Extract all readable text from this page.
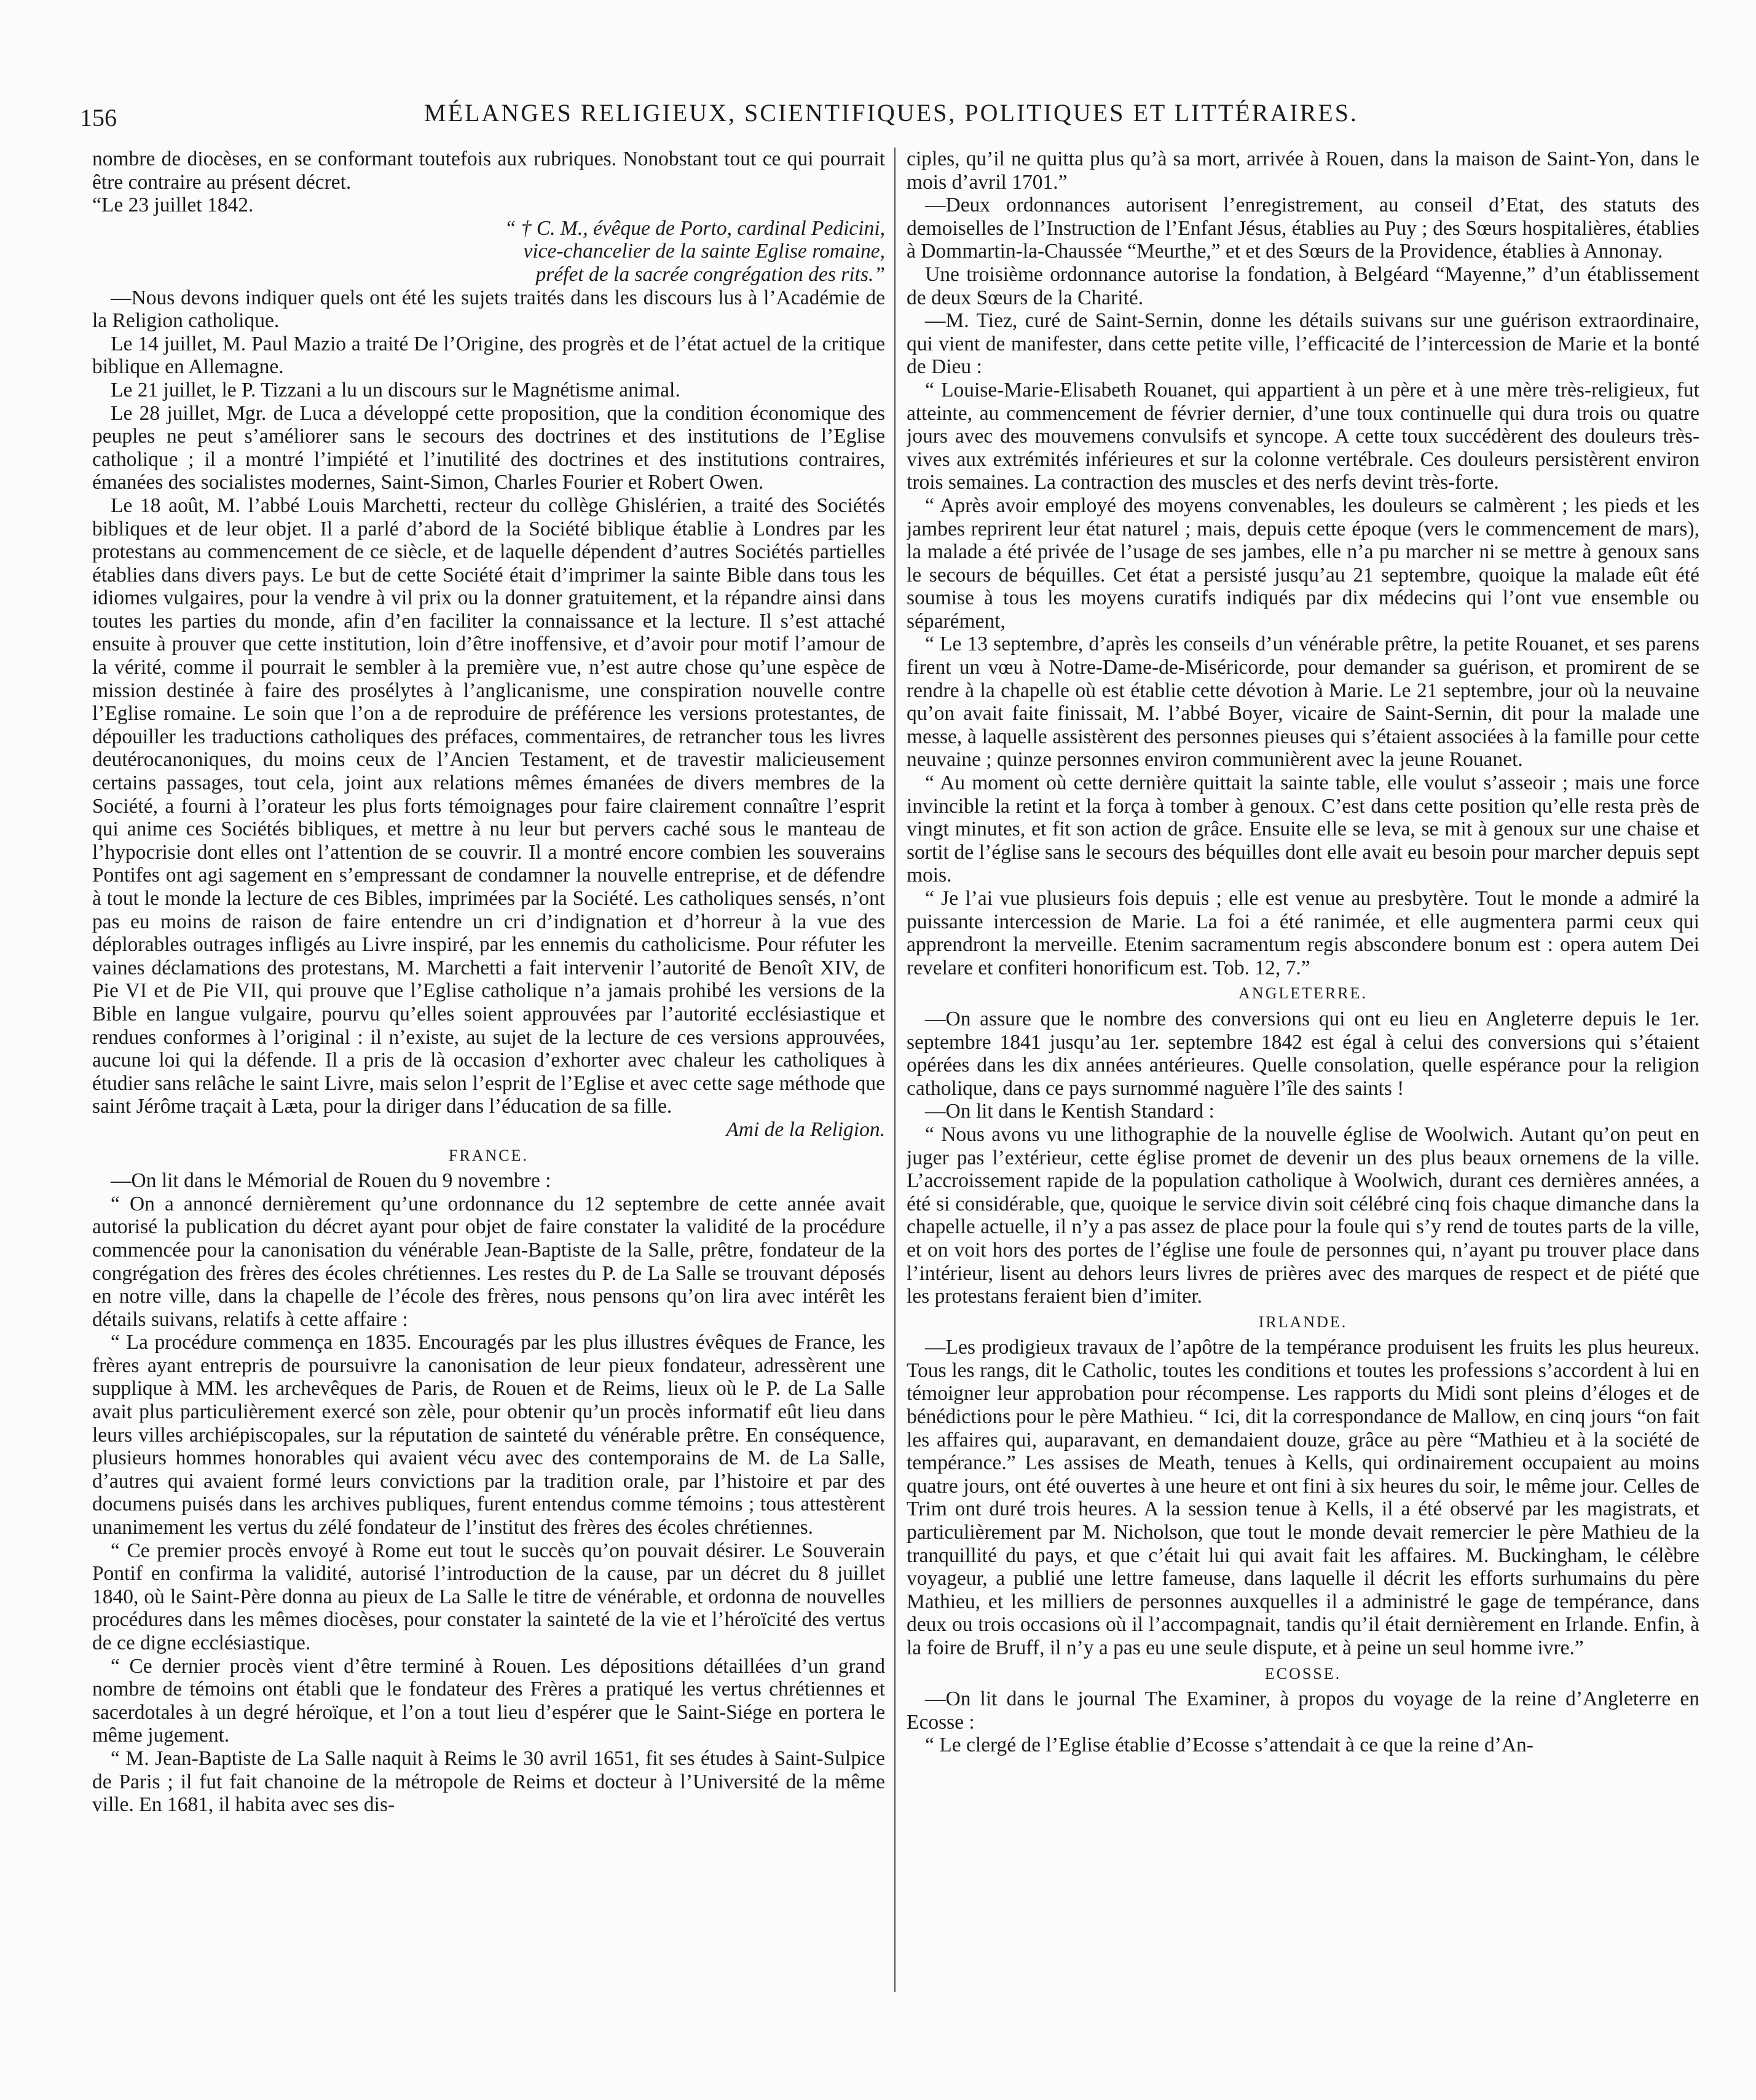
156	MÉLANGES RELIGIEUX, SCIENTIFIQUES, POLITIQUES ET LITTÉRAIRES.

nombre de diocèses, en se conformant toutefois aux rubriques. Nonobstant tout ce qui pourrait être contraire au présent décret.

“Le 23 juillet 1842.
“ † C. M., évêque de Porto, cardinal Pedicini,
vice-chancelier de la sainte Eglise romaine,
préfet de la sacrée congrégation des rits.”

—Nous devons indiquer quels ont été les sujets traités dans les discours lus à l’Académie de la Religion catholique.

Le 14 juillet, M. Paul Mazio a traité De l’Origine, des progrès et de l’état actuel de la critique biblique en Allemagne.

Le 21 juillet, le P. Tizzani a lu un discours sur le Magnétisme animal.

Le 28 juillet, Mgr. de Luca a développé cette proposition, que la condition économique des peuples ne peut s’améliorer sans le secours des doctrines et des institutions de l’Eglise catholique ; il a montré l’impiété et l’inutilité des doctrines et des institutions contraires, émanées des socialistes modernes, Saint-Simon, Charles Fourier et Robert Owen.

Le 18 août, M. l’abbé Louis Marchetti, recteur du collège Ghislérien, a traité des Sociétés bibliques et de leur objet. Il a parlé d’abord de la Société biblique établie à Londres par les protestans au commencement de ce siècle, et de laquelle dépendent d’autres Sociétés partielles établies dans divers pays. Le but de cette Société était d’imprimer la sainte Bible dans tous les idiomes vulgaires, pour la vendre à vil prix ou la donner gratuitement, et la répandre ainsi dans toutes les parties du monde, afin d’en faciliter la connaissance et la lecture. Il s’est attaché ensuite à prouver que cette institution, loin d’être inoffensive, et d’avoir pour motif l’amour de la vérité, comme il pourrait le sembler à la première vue, n’est autre chose qu’une espèce de mission destinée à faire des prosélytes à l’anglicanisme, une conspiration nouvelle contre l’Eglise romaine. Le soin que l’on a de reproduire de préférence les versions protestantes, de dépouiller les traductions catholiques des préfaces, commentaires, de retrancher tous les livres deutérocanoniques, du moins ceux de l’Ancien Testament, et de travestir malicieusement certains passages, tout cela, joint aux relations mêmes émanées de divers membres de la Société, a fourni à l’orateur les plus forts témoignages pour faire clairement connaître l’esprit qui anime ces Sociétés bibliques, et mettre à nu leur but pervers caché sous le manteau de l’hypocrisie dont elles ont l’attention de se couvrir. Il a montré encore combien les souverains Pontifes ont agi sagement en s’empressant de condamner la nouvelle entreprise, et de défendre à tout le monde la lecture de ces Bibles, imprimées par la Société. Les catholiques sensés, n’ont pas eu moins de raison de faire entendre un cri d’indignation et d’horreur à la vue des déplorables outrages infligés au Livre inspiré, par les ennemis du catholicisme. Pour réfuter les vaines déclamations des protestans, M. Marchetti a fait intervenir l’autorité de Benoît XIV, de Pie VI et de Pie VII, qui prouve que l’Eglise catholique n’a jamais prohibé les versions de la Bible en langue vulgaire, pourvu qu’elles soient approuvées par l’autorité ecclésiastique et rendues conformes à l’original : il n’existe, au sujet de la lecture de ces versions approuvées, aucune loi qui la défende. Il a pris de là occasion d’exhorter avec chaleur les catholiques à étudier sans relâche le saint Livre, mais selon l’esprit de l’Eglise et avec cette sage méthode que saint Jérôme traçait à Læta, pour la diriger dans l’éducation de sa fille.

Ami de la Religion.

FRANCE.

—On lit dans le Mémorial de Rouen du 9 novembre :

“ On a annoncé dernièrement qu’une ordonnance du 12 septembre de cette année avait autorisé la publication du décret ayant pour objet de faire constater la validité de la procédure commencée pour la canonisation du vénérable Jean-Baptiste de la Salle, prêtre, fondateur de la congrégation des frères des écoles chrétiennes. Les restes du P. de La Salle se trouvant déposés en notre ville, dans la chapelle de l’école des frères, nous pensons qu’on lira avec intérêt les détails suivans, relatifs à cette affaire :

“ La procédure commença en 1835. Encouragés par les plus illustres évêques de France, les frères ayant entrepris de poursuivre la canonisation de leur pieux fondateur, adressèrent une supplique à MM. les archevêques de Paris, de Rouen et de Reims, lieux où le P. de La Salle avait plus particulièrement exercé son zèle, pour obtenir qu’un procès informatif eût lieu dans leurs villes archiépiscopales, sur la réputation de sainteté du vénérable prêtre. En conséquence, plusieurs hommes honorables qui avaient vécu avec des contemporains de M. de La Salle, d’autres qui avaient formé leurs convictions par la tradition orale, par l’histoire et par des documens puisés dans les archives publiques, furent entendus comme témoins ; tous attestèrent unanimement les vertus du zélé fondateur de l’institut des frères des écoles chrétiennes.

“ Ce premier procès envoyé à Rome eut tout le succès qu’on pouvait désirer. Le Souverain Pontif en confirma la validité, autorisé l’introduction de la cause, par un décret du 8 juillet 1840, où le Saint-Père donna au pieux de La Salle le titre de vénérable, et ordonna de nouvelles procédures dans les mêmes diocèses, pour constater la sainteté de la vie et l’héroïcité des vertus de ce digne ecclésiastique.

“ Ce dernier procès vient d’être terminé à Rouen. Les dépositions détaillées d’un grand nombre de témoins ont établi que le fondateur des Frères a pratiqué les vertus chrétiennes et sacerdotales à un degré héroïque, et l’on a tout lieu d’espérer que le Saint-Siége en portera le même jugement.

“ M. Jean-Baptiste de La Salle naquit à Reims le 30 avril 1651, fit ses études à Saint-Sulpice de Paris ; il fut fait chanoine de la métropole de Reims et docteur à l’Université de la même ville. En 1681, il habita avec ses dis-

ciples, qu’il ne quitta plus qu’à sa mort, arrivée à Rouen, dans la maison de Saint-Yon, dans le mois d’avril 1701.”

—Deux ordonnances autorisent l’enregistrement, au conseil d’Etat, des statuts des demoiselles de l’Instruction de l’Enfant Jésus, établies au Puy ; des Sœurs hospitalières, établies à Dommartin-la-Chaussée “Meurthe,” et et des Sœurs de la Providence, établies à Annonay.

Une troisième ordonnance autorise la fondation, à Belgéard “Mayenne,” d’un établissement de deux Sœurs de la Charité.

—M. Tiez, curé de Saint-Sernin, donne les détails suivans sur une guérison extraordinaire, qui vient de manifester, dans cette petite ville, l’efficacité de l’intercession de Marie et la bonté de Dieu :

“ Louise-Marie-Elisabeth Rouanet, qui appartient à un père et à une mère très-religieux, fut atteinte, au commencement de février dernier, d’une toux continuelle qui dura trois ou quatre jours avec des mouvemens convulsifs et syncope. A cette toux succédèrent des douleurs très-vives aux extrémités inférieures et sur la colonne vertébrale. Ces douleurs persistèrent environ trois semaines. La contraction des muscles et des nerfs devint très-forte.

“ Après avoir employé des moyens convenables, les douleurs se calmèrent ; les pieds et les jambes reprirent leur état naturel ; mais, depuis cette époque (vers le commencement de mars), la malade a été privée de l’usage de ses jambes, elle n’a pu marcher ni se mettre à genoux sans le secours de béquilles. Cet état a persisté jusqu’au 21 septembre, quoique la malade eût été soumise à tous les moyens curatifs indiqués par dix médecins qui l’ont vue ensemble ou séparément,

“ Le 13 septembre, d’après les conseils d’un vénérable prêtre, la petite Rouanet, et ses parens firent un vœu à Notre-Dame-de-Miséricorde, pour demander sa guérison, et promirent de se rendre à la chapelle où est établie cette dévotion à Marie. Le 21 septembre, jour où la neuvaine qu’on avait faite finissait, M. l’abbé Boyer, vicaire de Saint-Sernin, dit pour la malade une messe, à laquelle assistèrent des personnes pieuses qui s’étaient associées à la famille pour cette neuvaine ; quinze personnes environ communièrent avec la jeune Rouanet.

“ Au moment où cette dernière quittait la sainte table, elle voulut s’asseoir ; mais une force invincible la retint et la força à tomber à genoux. C’est dans cette position qu’elle resta près de vingt minutes, et fit son action de grâce. Ensuite elle se leva, se mit à genoux sur une chaise et sortit de l’église sans le secours des béquilles dont elle avait eu besoin pour marcher depuis sept mois.

“ Je l’ai vue plusieurs fois depuis ; elle est venue au presbytère. Tout le monde a admiré la puissante intercession de Marie. La foi a été ranimée, et elle augmentera parmi ceux qui apprendront la merveille. Etenim sacramentum regis abscondere bonum est : opera autem Dei revelare et confiteri honorificum est. Tob. 12, 7.”

ANGLETERRE.

—On assure que le nombre des conversions qui ont eu lieu en Angleterre depuis le 1er. septembre 1841 jusqu’au 1er. septembre 1842 est égal à celui des conversions qui s’étaient opérées dans les dix années antérieures. Quelle consolation, quelle espérance pour la religion catholique, dans ce pays surnommé naguère l’île des saints !

—On lit dans le Kentish Standard :

“ Nous avons vu une lithographie de la nouvelle église de Woolwich. Autant qu’on peut en juger pas l’extérieur, cette église promet de devenir un des plus beaux ornemens de la ville. L’accroissement rapide de la population catholique à Woolwich, durant ces dernières années, a été si considérable, que, quoique le service divin soit célébré cinq fois chaque dimanche dans la chapelle actuelle, il n’y a pas assez de place pour la foule qui s’y rend de toutes parts de la ville, et on voit hors des portes de l’église une foule de personnes qui, n’ayant pu trouver place dans l’intérieur, lisent au dehors leurs livres de prières avec des marques de respect et de piété que les protestans feraient bien d’imiter.

IRLANDE.

—Les prodigieux travaux de l’apôtre de la tempérance produisent les fruits les plus heureux. Tous les rangs, dit le Catholic, toutes les conditions et toutes les professions s’accordent à lui en témoigner leur approbation pour récompense. Les rapports du Midi sont pleins d’éloges et de bénédictions pour le père Mathieu. “ Ici, dit la correspondance de Mallow, en cinq jours “on fait les affaires qui, auparavant, en demandaient douze, grâce au père “Mathieu et à la société de tempérance.” Les assises de Meath, tenues à Kells, qui ordinairement occupaient au moins quatre jours, ont été ouvertes à une heure et ont fini à six heures du soir, le même jour. Celles de Trim ont duré trois heures. A la session tenue à Kells, il a été observé par les magistrats, et particulièrement par M. Nicholson, que tout le monde devait remercier le père Mathieu de la tranquillité du pays, et que c’était lui qui avait fait les affaires. M. Buckingham, le célèbre voyageur, a publié une lettre fameuse, dans laquelle il décrit les efforts surhumains du père Mathieu, et les milliers de personnes auxquelles il a administré le gage de tempérance, dans deux ou trois occasions où il l’accompagnait, tandis qu’il était dernièrement en Irlande. Enfin, à la foire de Bruff, il n’y a pas eu une seule dispute, et à peine un seul homme ivre.”

ECOSSE.

—On lit dans le journal The Examiner, à propos du voyage de la reine d’Angleterre en Ecosse :

“ Le clergé de l’Eglise établie d’Ecosse s’attendait à ce que la reine d’An-
